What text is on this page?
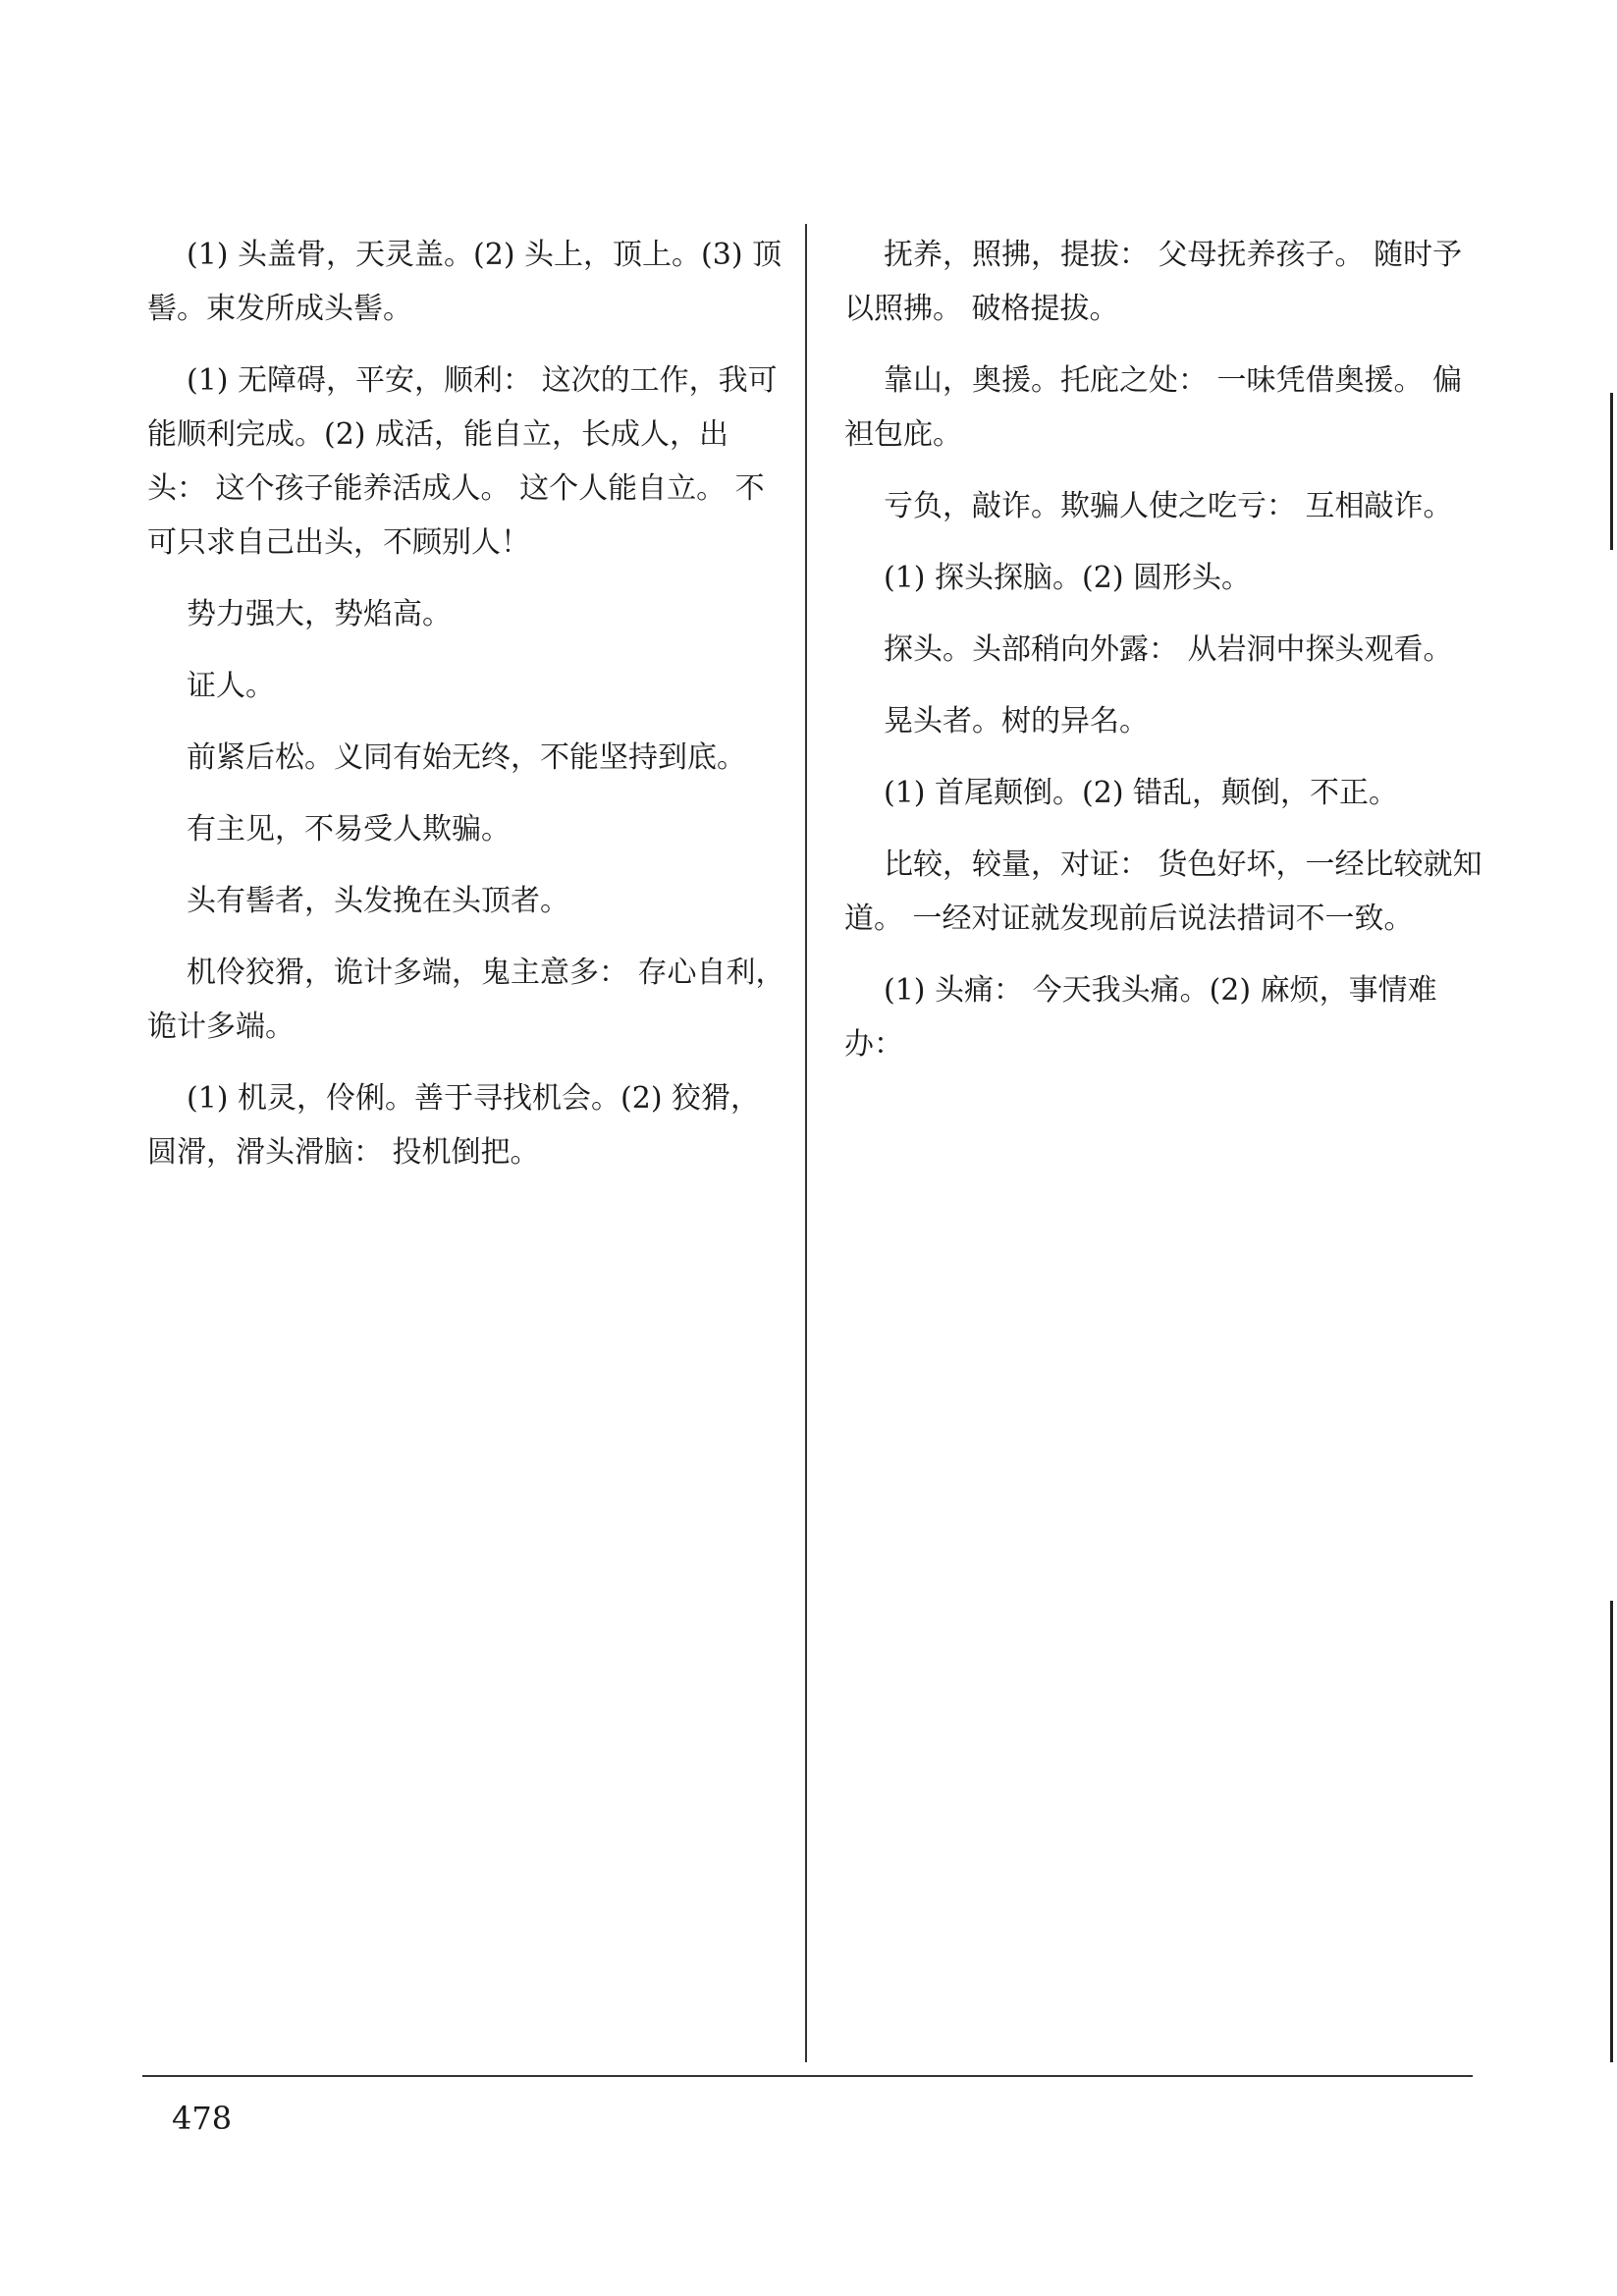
(1) 头盖骨，天灵盖。(2) 头上，顶上。(3) 顶髻。束发所成头髻。
(1) 无障碍，平安，顺利： 这次的工作，我可能顺利完成。(2) 成活，能自立，长成人，出头： 这个孩子能养活成人。 这个人能自立。 不可只求自己出头，不顾别人！
势力强大，势焰高。
证人。
前紧后松。义同有始无终，不能坚持到底。
有主见，不易受人欺骗。
头有髻者，头发挽在头顶者。
机伶狡猾，诡计多端，鬼主意多： 存心自利，诡计多端。
(1) 机灵，伶俐。善于寻找机会。(2) 狡猾，圆滑，滑头滑脑： 投机倒把。
抚养，照拂，提拔： 父母抚养孩子。 随时予以照拂。 破格提拔。
靠山，奥援。托庇之处： 一味凭借奥援。 偏袒包庇。
亏负，敲诈。欺骗人使之吃亏： 互相敲诈。
(1) 探头探脑。(2) 圆形头。
探头。头部稍向外露： 从岩洞中探头观看。
晃头者。树的异名。
(1) 首尾颠倒。(2) 错乱，颠倒，不正。
比较，较量，对证： 货色好坏，一经比较就知道。 一经对证就发现前后说法措词不一致。
(1) 头痛： 今天我头痛。(2) 麻烦，事情难办：
478
